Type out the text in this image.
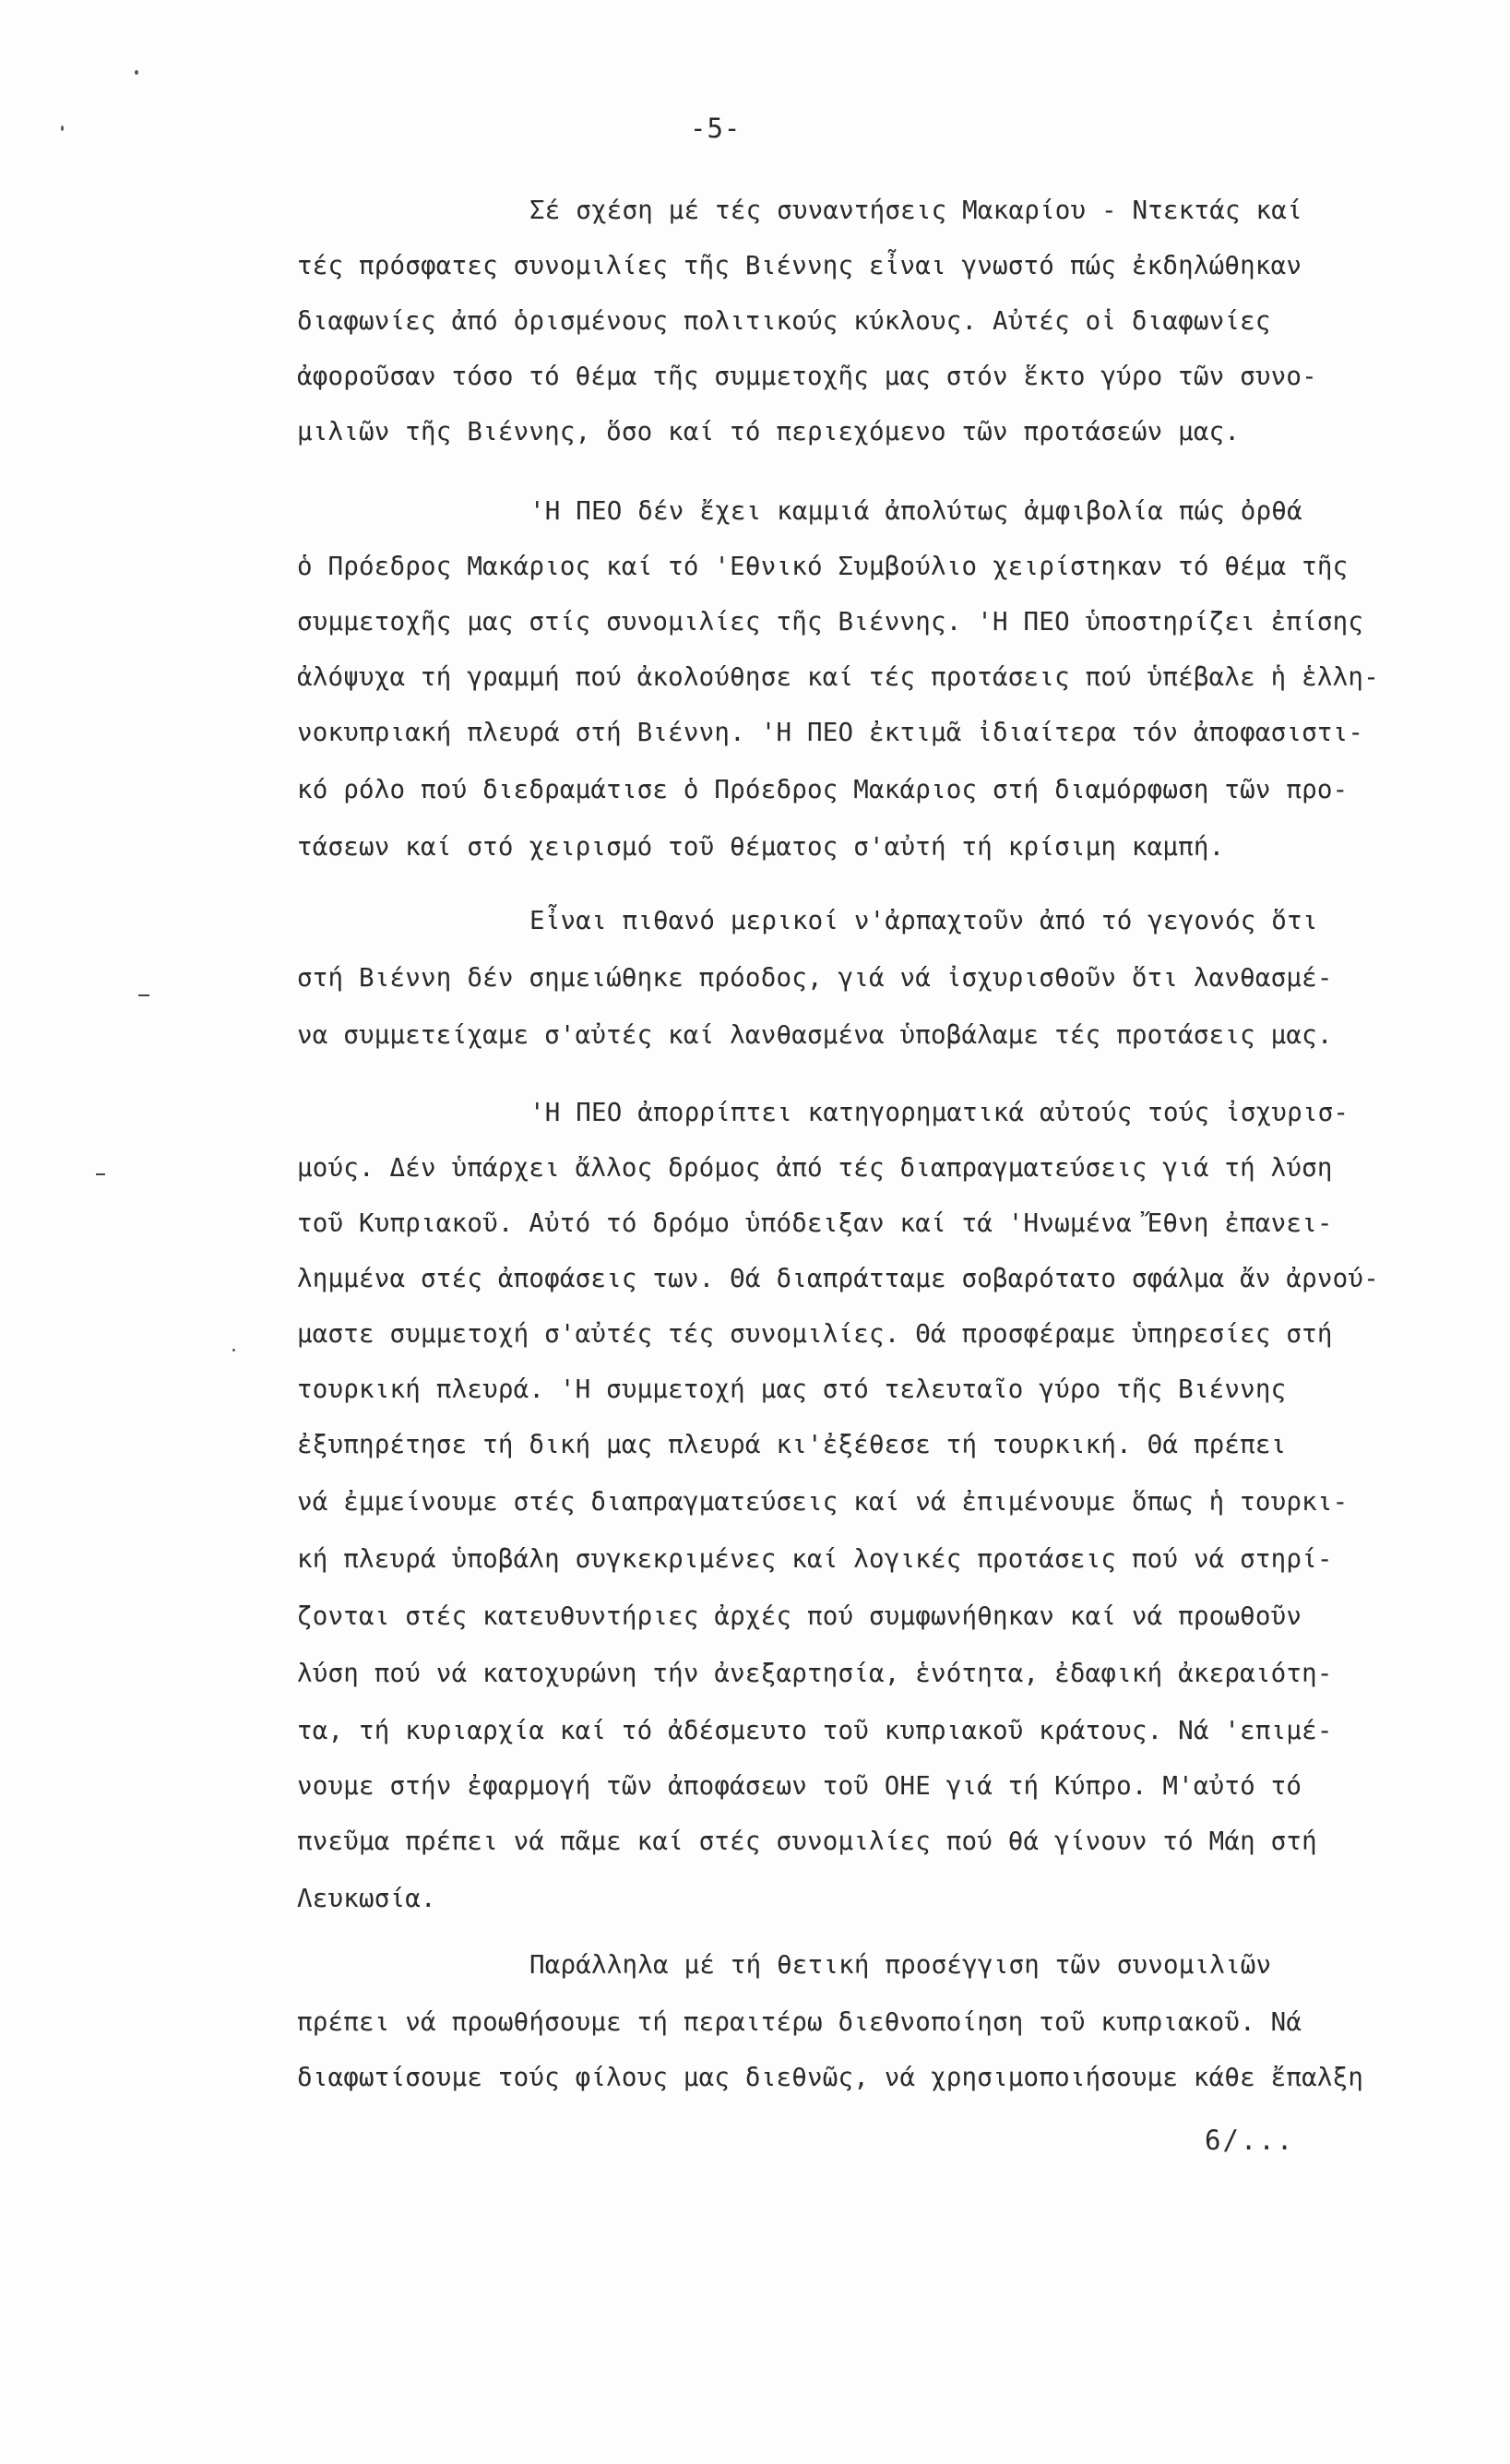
-5-
Σέ σχέση μέ τές συναντήσεις Μακαρίου - Ντεκτάς καί
τές πρόσφατες συνομιλίες τῆς Βιέννης εἶναι γνωστό πώς ἐκδηλώθηκαν
διαφωνίες ἀπό ὁρισμένους πολιτικούς κύκλους. Αὐτές οἱ διαφωνίες
ἀφοροῦσαν τόσο τό θέμα τῆς συμμετοχῆς μας στόν ἕκτο γύρο τῶν συνο-
μιλιῶν τῆς Βιέννης, ὅσο καί τό περιεχόμενο τῶν προτάσεών μας.
'Η ΠΕΟ δέν ἔχει καμμιά ἀπολύτως ἀμφιβολία πώς ὀρθά
ὁ Πρόεδρος Μακάριος καί τό 'Εθνικό Συμβούλιο χειρίστηκαν τό θέμα τῆς
συμμετοχῆς μας στίς συνομιλίες τῆς Βιέννης. 'Η ΠΕΟ ὑποστηρίζει ἐπίσης
ἀλόψυχα τή γραμμή πού ἀκολούθησε καί τές προτάσεις πού ὑπέβαλε ἡ ἑλλη-
νοκυπριακή πλευρά στή Βιέννη. 'Η ΠΕΟ ἐκτιμᾶ ἰδιαίτερα τόν ἀποφασιστι-
κό ρόλο πού διεδραμάτισε ὁ Πρόεδρος Μακάριος στή διαμόρφωση τῶν προ-
τάσεων καί στό χειρισμό τοῦ θέματος σ'αὐτή τή κρίσιμη καμπή.
Εἶναι πιθανό μερικοί ν'ἀρπαχτοῦν ἀπό τό γεγονός ὅτι
στή Βιέννη δέν σημειώθηκε πρόοδος, γιά νά ἰσχυρισθοῦν ὅτι λανθασμέ-
να συμμετείχαμε σ'αὐτές καί λανθασμένα ὑποβάλαμε τές προτάσεις μας.
'Η ΠΕΟ ἀπορρίπτει κατηγορηματικά αὐτούς τούς ἰσχυρισ-
μούς. Δέν ὑπάρχει ἄλλος δρόμος ἀπό τές διαπραγματεύσεις γιά τή λύση
τοῦ Κυπριακοῦ. Αὐτό τό δρόμο ὑπόδειξαν καί τά 'Ηνωμένα Ἔθνη ἐπανει-
λημμένα στές ἀποφάσεις των. Θά διαπράτταμε σοβαρότατο σφάλμα ἄν ἀρνού-
μαστε συμμετοχή σ'αὐτές τές συνομιλίες. Θά προσφέραμε ὑπηρεσίες στή
τουρκική πλευρά. 'Η συμμετοχή μας στό τελευταῖο γύρο τῆς Βιέννης
ἐξυπηρέτησε τή δική μας πλευρά κι'ἐξέθεσε τή τουρκική. Θά πρέπει
νά ἐμμείνουμε στές διαπραγματεύσεις καί νά ἐπιμένουμε ὅπως ἡ τουρκι-
κή πλευρά ὑποβάλη συγκεκριμένες καί λογικές προτάσεις πού νά στηρί-
ζονται στές κατευθυντήριες ἀρχές πού συμφωνήθηκαν καί νά προωθοῦν
λύση πού νά κατοχυρώνη τήν ἀνεξαρτησία, ἑνότητα, ἐδαφική ἀκεραιότη-
τα, τή κυριαρχία καί τό ἀδέσμευτο τοῦ κυπριακοῦ κράτους. Νά 'επιμέ-
νουμε στήν ἐφαρμογή τῶν ἀποφάσεων τοῦ ΟΗΕ γιά τή Κύπρο. Μ'αὐτό τό
πνεῦμα πρέπει νά πᾶμε καί στές συνομιλίες πού θά γίνουν τό Μάη στή
Λευκωσία.
Παράλληλα μέ τή θετική προσέγγιση τῶν συνομιλιῶν
πρέπει νά προωθήσουμε τή περαιτέρω διεθνοποίηση τοῦ κυπριακοῦ. Νά
διαφωτίσουμε τούς φίλους μας διεθνῶς, νά χρησιμοποιήσουμε κάθε ἔπαλξη
6/...
